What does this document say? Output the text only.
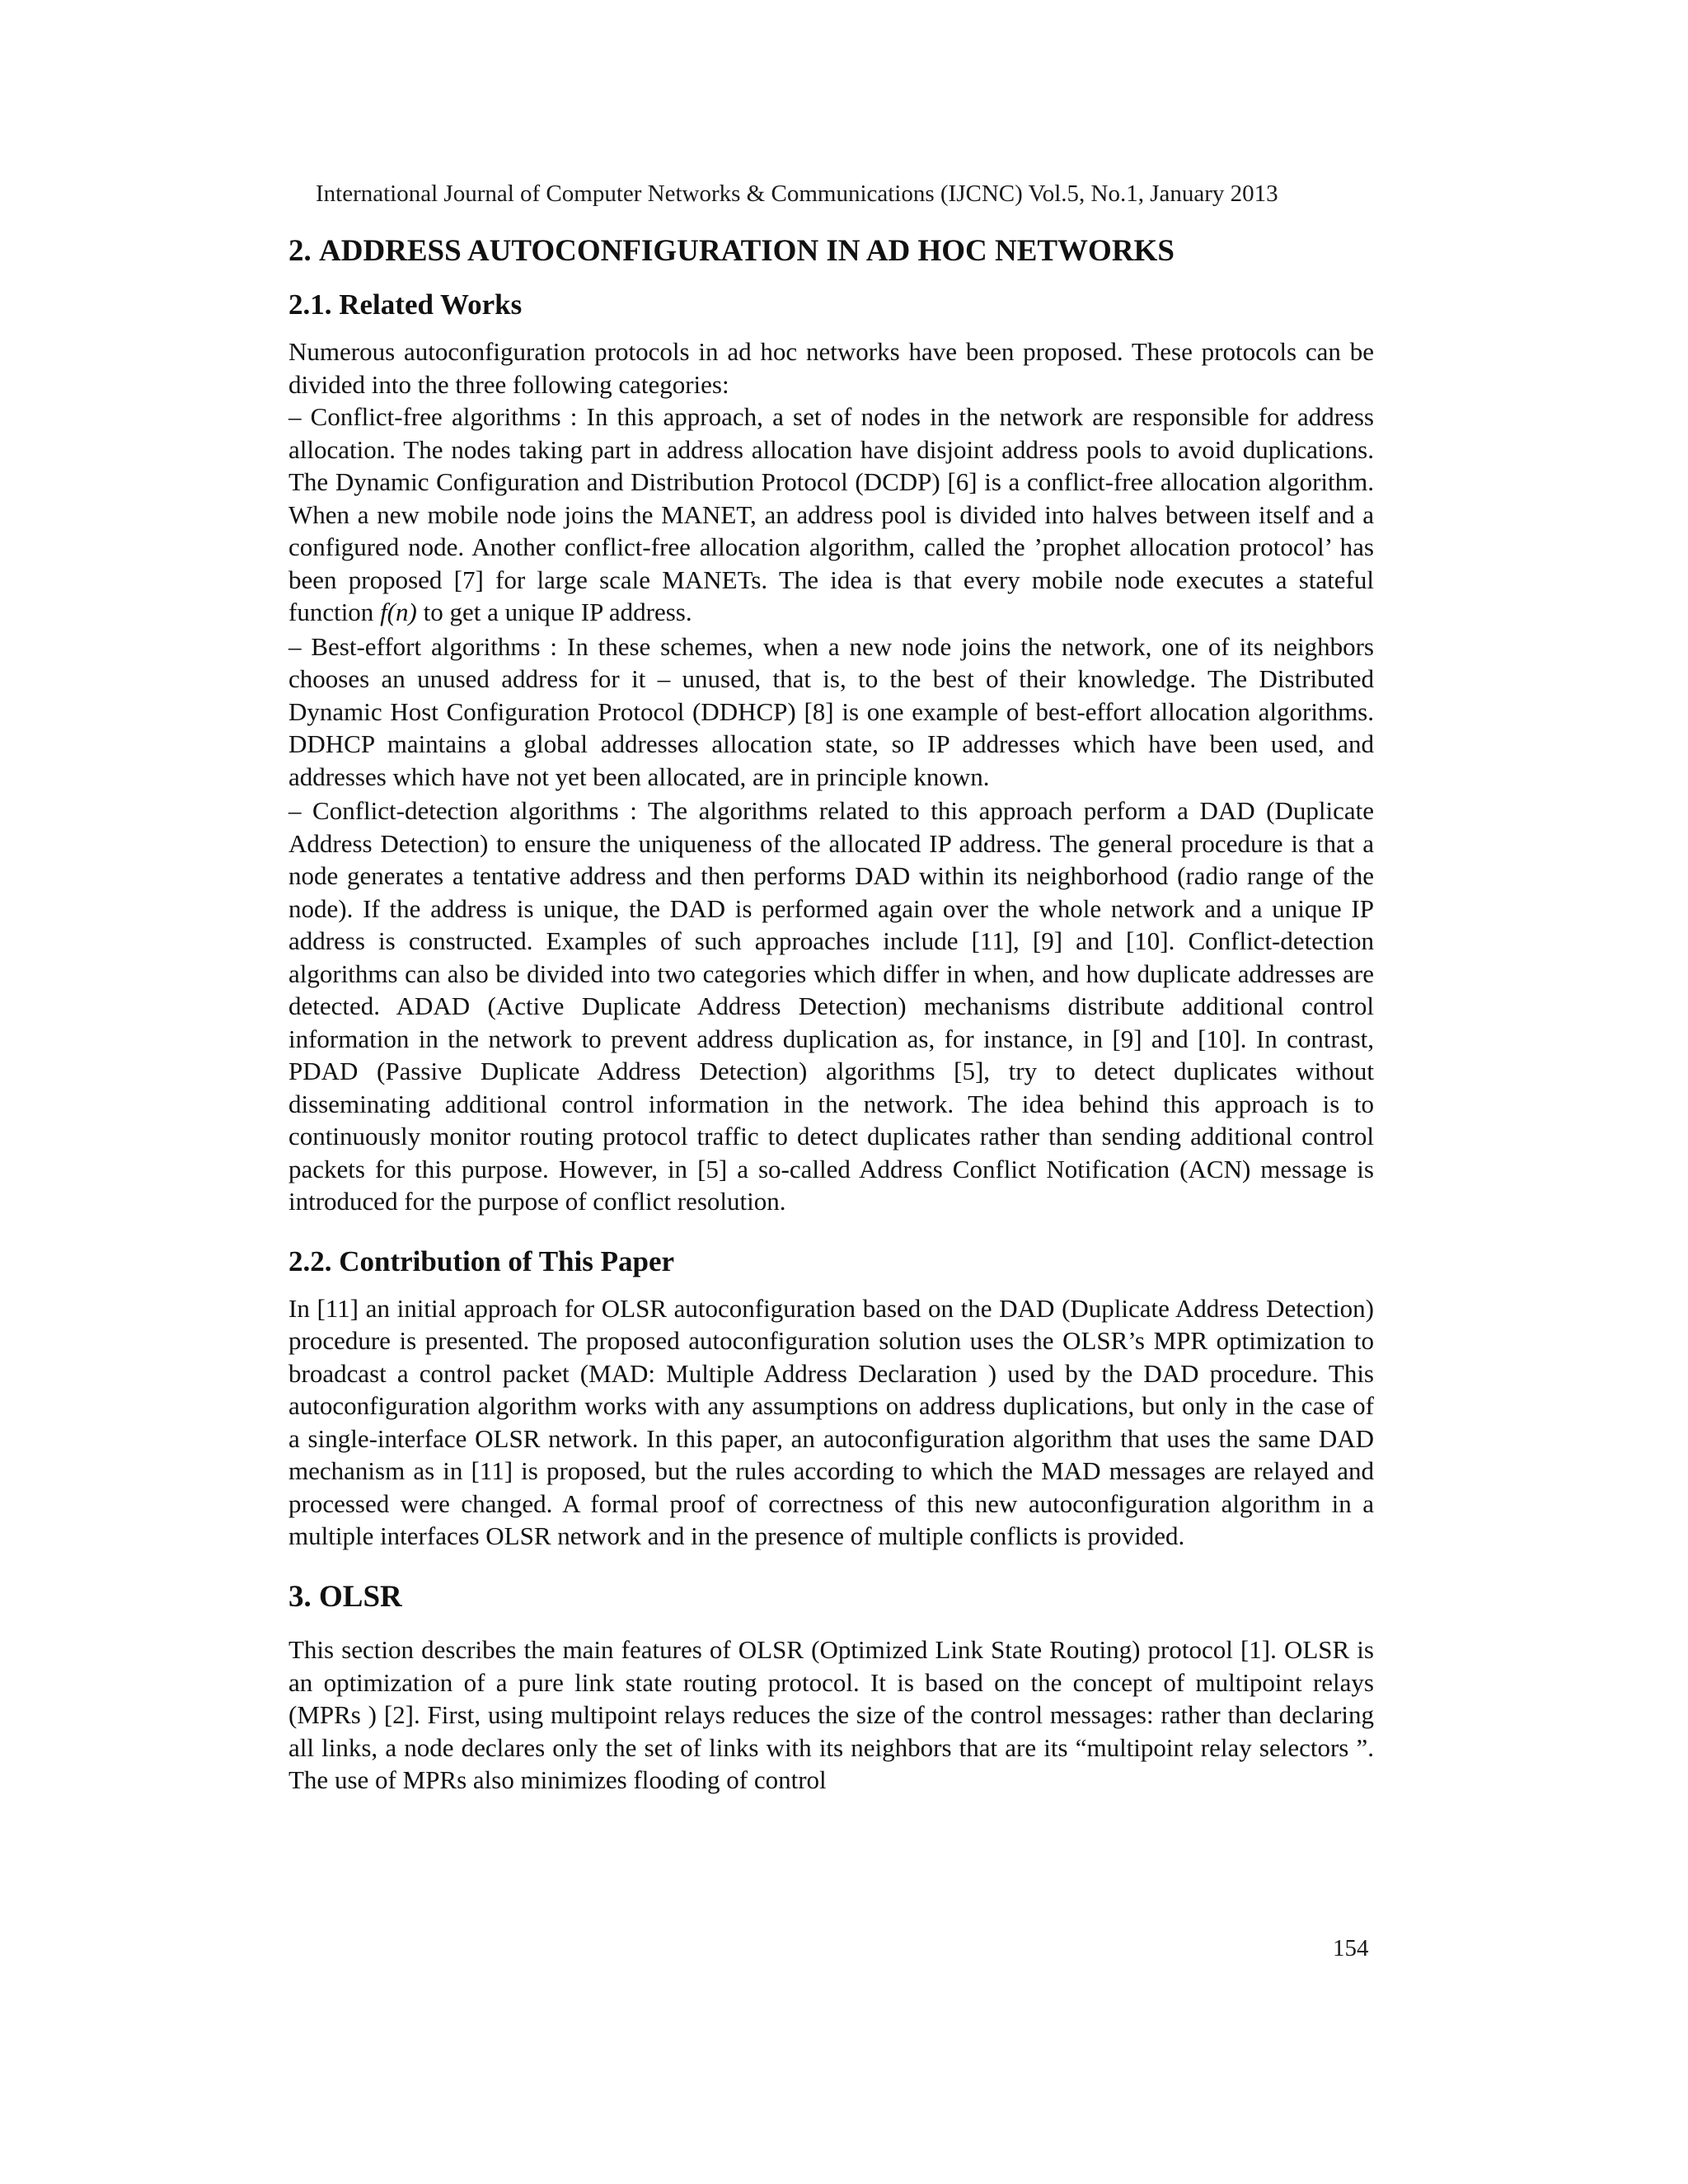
International Journal of Computer Networks & Communications (IJCNC) Vol.5, No.1, January 2013
2. ADDRESS AUTOCONFIGURATION IN AD HOC NETWORKS
2.1. Related Works

Numerous autoconfiguration protocols in ad hoc networks have been proposed. These protocols can be divided into the three following categories:

– Conflict-free algorithms : In this approach, a set of nodes in the network are responsible for address allocation. The nodes taking part in address allocation have disjoint address pools to avoid duplications. The Dynamic Configuration and Distribution Protocol (DCDP) [6] is a conflict-free allocation algorithm. When a new mobile node joins the MANET, an address pool is divided into halves between itself and a configured node. Another conflict-free allocation algorithm, called the ’prophet allocation protocol’ has been proposed [7] for large scale MANETs. The idea is that every mobile node executes a stateful function f(n) to get a unique IP address.

– Best-effort algorithms : In these schemes, when a new node joins the network, one of its neighbors chooses an unused address for it – unused, that is, to the best of their knowledge. The Distributed Dynamic Host Configuration Protocol (DDHCP) [8] is one example of best-effort allocation algorithms. DDHCP maintains a global addresses allocation state, so IP addresses which have been used, and addresses which have not yet been allocated, are in principle known.

– Conflict-detection algorithms : The algorithms related to this approach perform a DAD (Duplicate Address Detection) to ensure the uniqueness of the allocated IP address. The general procedure is that a node generates a tentative address and then performs DAD within its neighborhood (radio range of the node). If the address is unique, the DAD is performed again over the whole network and a unique IP address is constructed. Examples of such approaches include [11], [9] and [10]. Conflict-detection algorithms can also be divided into two categories which differ in when, and how duplicate addresses are detected. ADAD (Active Duplicate Address Detection) mechanisms distribute additional control information in the network to prevent address duplication as, for instance, in [9] and [10]. In contrast, PDAD (Passive Duplicate Address Detection) algorithms [5], try to detect duplicates without disseminating additional control information in the network. The idea behind this approach is to continuously monitor routing protocol traffic to detect duplicates rather than sending additional control packets for this purpose. However, in [5] a so-called Address Conflict Notification (ACN) message is introduced for the purpose of conflict resolution.

2.2. Contribution of This Paper

In [11] an initial approach for OLSR autoconfiguration based on the DAD (Duplicate Address Detection) procedure is presented. The proposed autoconfiguration solution uses the OLSR’s MPR optimization to broadcast a control packet (MAD: Multiple Address Declaration ) used by the DAD procedure. This autoconfiguration algorithm works with any assumptions on address duplications, but only in the case of a single-interface OLSR network. In this paper, an autoconfiguration algorithm that uses the same DAD mechanism as in [11] is proposed, but the rules according to which the MAD messages are relayed and processed were changed. A formal proof of correctness of this new autoconfiguration algorithm in a multiple interfaces OLSR network and in the presence of multiple conflicts is provided.

3. OLSR

This section describes the main features of OLSR (Optimized Link State Routing) protocol [1]. OLSR is an optimization of a pure link state routing protocol. It is based on the concept of multipoint relays (MPRs ) [2]. First, using multipoint relays reduces the size of the control messages: rather than declaring all links, a node declares only the set of links with its neighbors that are its “multipoint relay selectors ”. The use of MPRs also minimizes flooding of control

154
